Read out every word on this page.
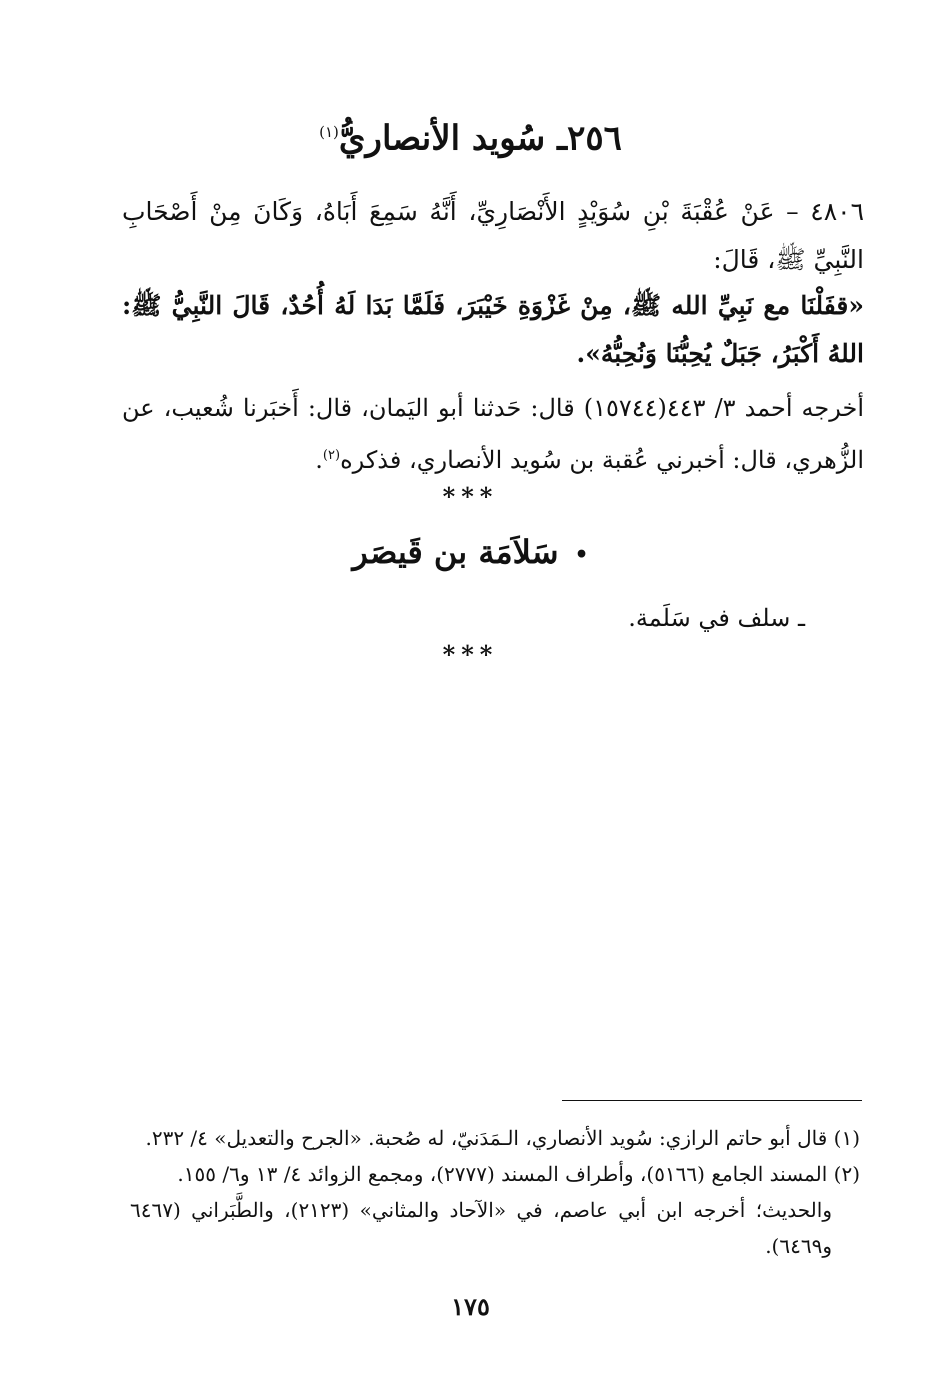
٢٥٦ـ سُويد الأنصاريُّ$^{(١)}$
٤٨٠٦ – عَنْ عُقْبَةَ بْنِ سُوَيْدٍ الأَنْصَارِيِّ، أَنَّهُ سَمِعَ أَبَاهُ، وَكَانَ مِنْ أَصْحَابِ النَّبِيِّ ﷺ، قَالَ:
«قفَلْنَا مع نَبِيِّ الله ﷺ، مِنْ غَزْوَةِ خَيْبَرَ، فَلَمَّا بَدَا لَهُ أُحُدٌ، قَالَ النَّبِيُّ ﷺ: اللهُ أَكْبَرُ، جَبَلٌ يُحِبُّنَا وَنُحِبُّهُ».
أخرجه أحمد ٣/ ٤٤٣(١٥٧٤٤) قال: حَدثنا أبو اليَمان، قال: أَخبَرنا شُعيب، عن الزُّهري، قال: أخبرني عُقبة بن سُويد الأنصاري، فذكره$^{(٢)}$.
***
•سَلاَمَة بن قَيصَر
ـ سلف في سَلَمة.
***

(١) قال أبو حاتم الرازي: سُويد الأنصاري، الـمَدَنيّ، له صُحبة. «الجرح والتعديل» ٤/ ٢٣٢.

(٢) المسند الجامع (٥١٦٦)، وأطراف المسند (٢٧٧٧)، ومجمع الزوائد ٤/ ١٣ و٦/ ١٥٥.

والحديث؛ أخرجه ابن أبي عاصم، في «الآحاد والمثاني» (٢١٢٣)، والطَّبَراني (٦٤٦٧ و٦٤٦٩).

١٧٥
